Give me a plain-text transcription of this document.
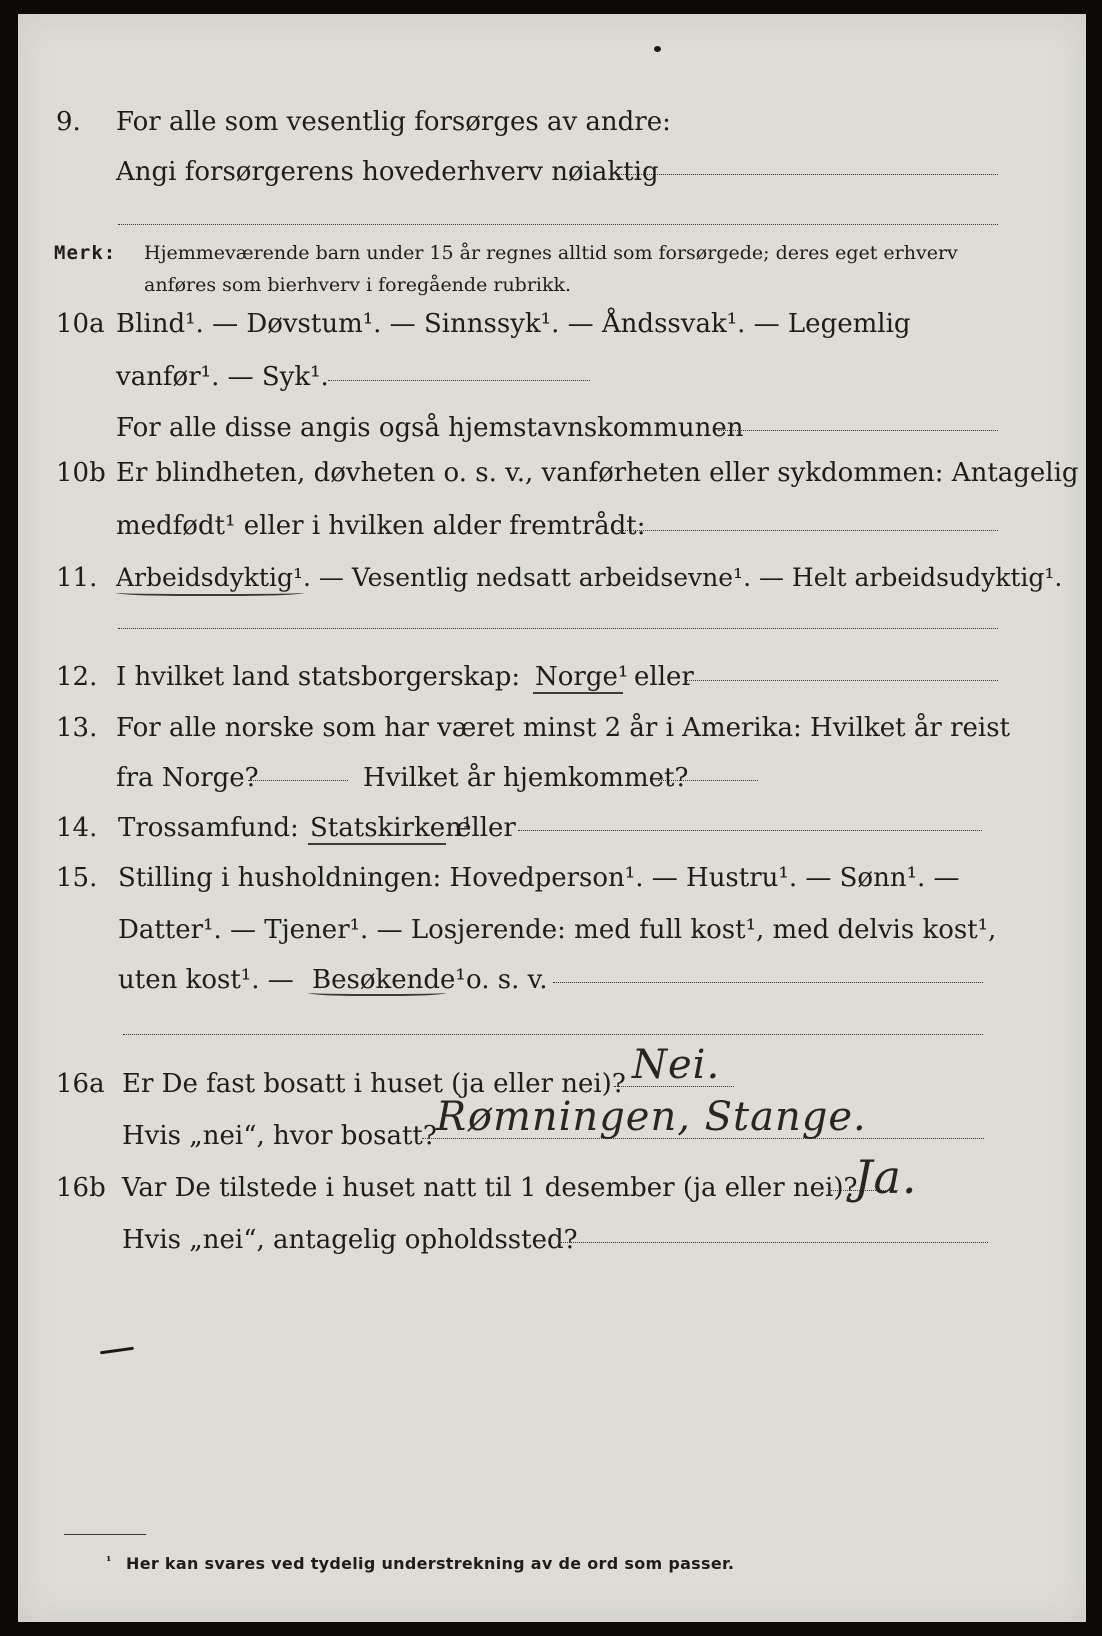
9. For alle som vesentlig forsørges av andre:
Angi forsørgerens hovederhverv nøiaktig
Merk: Hjemmeværende barn under 15 år regnes alltid som forsørgede; deres eget erhverv
anføres som bierhverv i foregående rubrikk.
10a Blind¹. — Døvstum¹. — Sinnssyk¹. — Åndssvak¹. — Legemlig
vanfør¹. — Syk¹.
For alle disse angis også hjemstavnskommunen
10b Er blindheten, døvheten o. s. v., vanførheten eller sykdommen: Antagelig
medfødt¹ eller i hvilken alder fremtrådt:
11. Arbeidsdyktig¹. — Vesentlig nedsatt arbeidsevne¹. — Helt arbeidsudyktig¹.
12. I hvilket land statsborgerskap: Norge¹ eller
13. For alle norske som har været minst 2 år i Amerika: Hvilket år reist
fra Norge?	Hvilket år hjemkommet?
14. Trossamfund: Statskirken¹
eller
15. Stilling i husholdningen: Hovedperson¹. — Hustru¹. — Sønn¹. —
Datter¹. — Tjener¹. — Losjerende: med full kost¹, med delvis kost¹,
uten kost¹. — Besøkende¹ o. s. v.
16a Er De fast bosatt i huset (ja eller nei)? Nei.
Hvis „nei“, hvor bosatt? Rømningen, Stange.
16b Var De tilstede i huset natt til 1 desember (ja eller nei)?
Ja.
Hvis „nei“, antagelig opholdssted?
¹ Her kan svares ved tydelig understrekning av de ord som passer.
